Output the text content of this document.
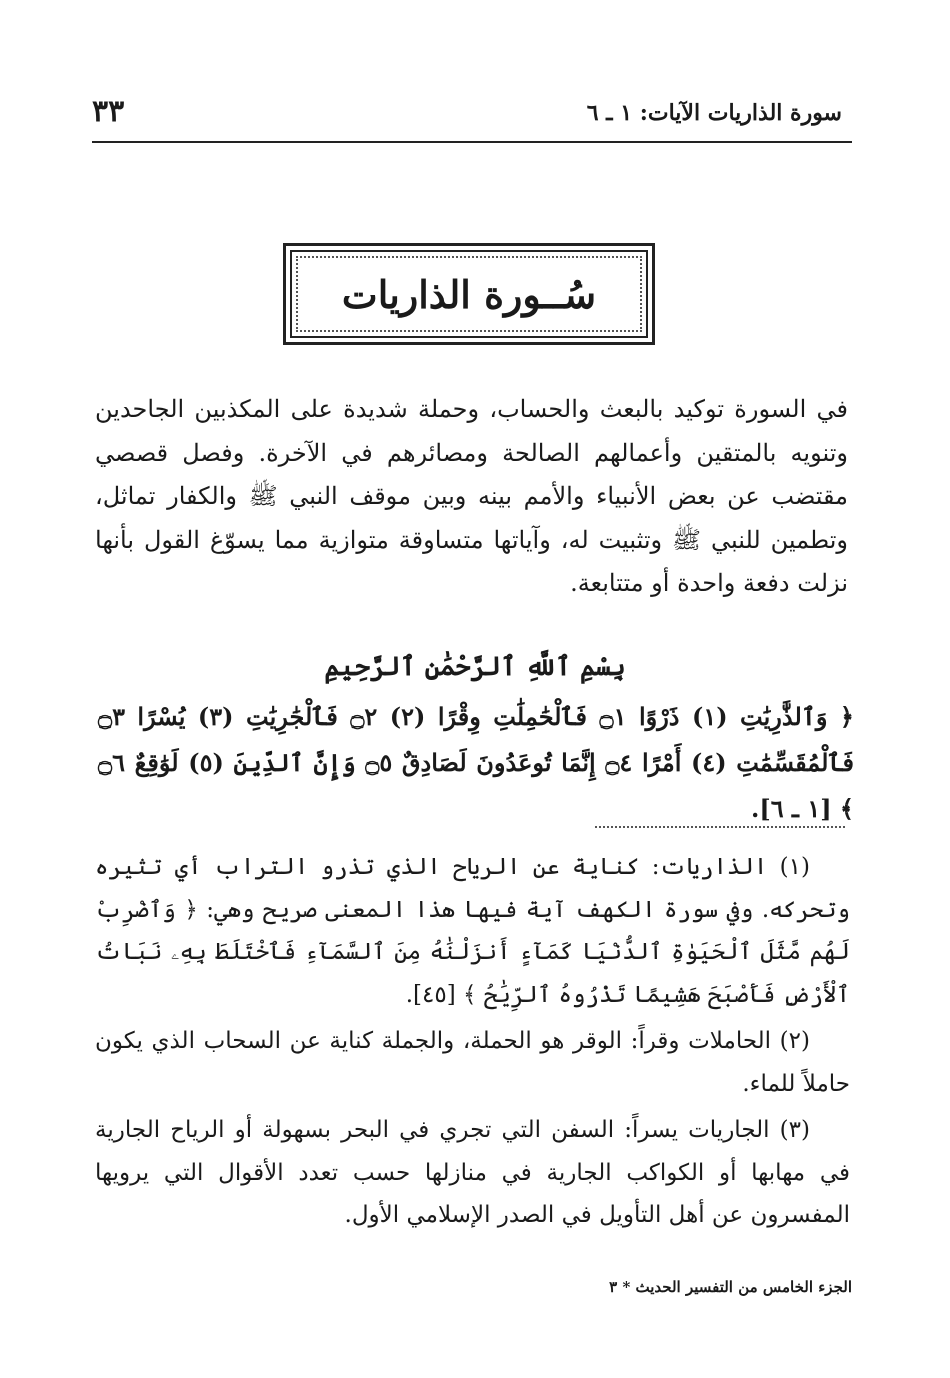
٣٣	سورة الذاريات الآيات: ١ ـ ٦
سُــورة الذاريات
في السورة توكيد بالبعث والحساب، وحملة شديدة على المكذبين الجاحدين وتنويه بالمتقين وأعمالهم الصالحة ومصائرهم في الآخرة. وفصل قصصي مقتضب عن بعض الأنبياء والأمم بينه وبين موقف النبي ﷺ والكفار تماثل، وتطمين للنبي ﷺ وتثبيت له، وآياتها متساوقة متوازية مما يسوّغ القول بأنها نزلت دفعة واحدة أو متتابعة.
بِسْمِ ٱللَّهِ ٱلرَّحْمَٰنِ ٱلرَّحِيمِ
﴿ وَٱلذَّٰرِيَٰتِ (١) ذَرْوًا ۝١ فَٱلْحَٰمِلَٰتِ وِقْرًا (٢) ۝٢ فَٱلْجَٰرِيَٰتِ (٣) يُسْرًا ۝٣ فَٱلْمُقَسِّمَٰتِ (٤) أَمْرًا ۝٤ إِنَّمَا تُوعَدُونَ لَصَادِقٌ ۝٥ وَإِنَّ ٱلدِّينَ (٥) لَوَٰقِعٌ ۝٦ ﴾ [١ ـ ٦].

(١) الذاريات: كناية عن الرياح الذي تذرو التراب أي تثيره وتحركه. وفي سورة الكهف آية فيها هذا المعنى صريح وهي: ﴿ وَٱضْرِبْ لَهُم مَّثَلَ ٱلْحَيَوٰةِ ٱلدُّنْيَا كَمَآءٍ أَنزَلْنَٰهُ مِنَ ٱلسَّمَآءِ فَٱخْتَلَطَ بِهِۦ نَبَاتُ ٱلْأَرْضِ فَأَصْبَحَ هَشِيمًا تَذْرُوهُ ٱلرِّيَٰحُ ﴾ [٤٥].

(٢) الحاملات وقراً: الوقر هو الحملة، والجملة كناية عن السحاب الذي يكون حاملاً للماء.

(٣) الجاريات يسراً: السفن التي تجري في البحر بسهولة أو الرياح الجارية في مهابها أو الكواكب الجارية في منازلها حسب تعدد الأقوال التي يرويها المفسرون عن أهل التأويل في الصدر الإسلامي الأول.

الجزء الخامس من التفسير الحديث * ٣
